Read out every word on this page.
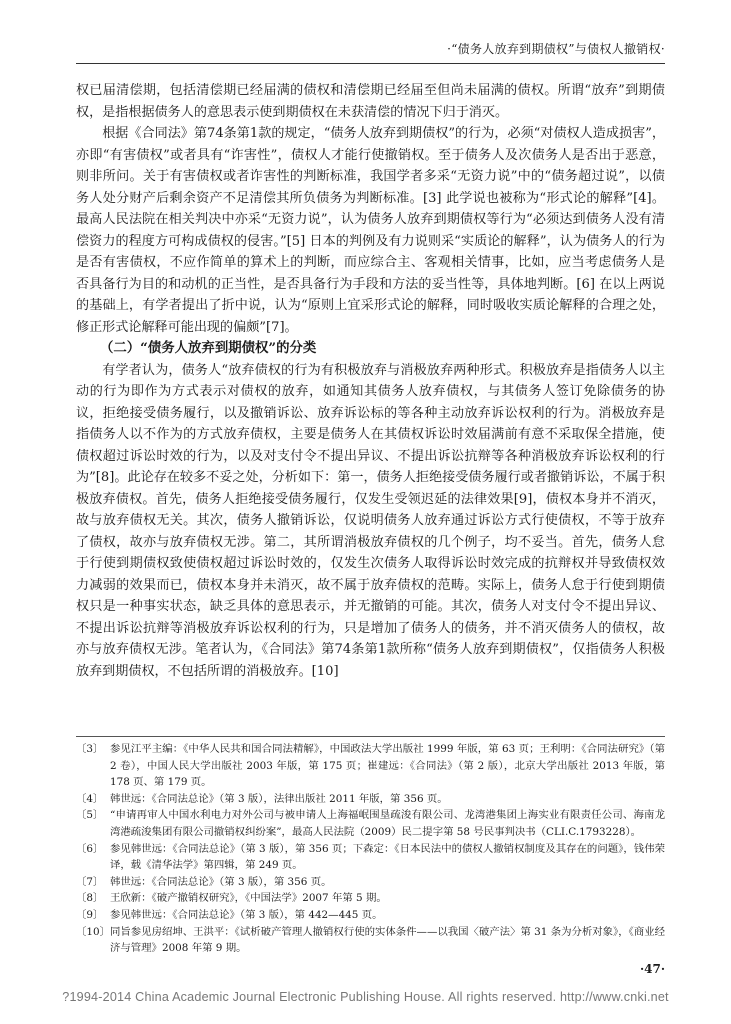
·“债务人放弃到期债权”与债权人撤销权·

权已届清偿期，包括清偿期已经届满的债权和清偿期已经届至但尚未届满的债权。所谓“放弃”到期债权，是指根据债务人的意思表示使到期债权在未获清偿的情况下归于消灭。

根据《合同法》第74条第1款的规定，“债务人放弃到期债权”的行为，必须“对债权人造成损害”，亦即“有害债权”或者具有“诈害性”，债权人才能行使撤销权。至于债务人及次债务人是否出于恶意，则非所问。关于有害债权或者诈害性的判断标准，我国学者多采“无资力说”中的“债务超过说”，以债务人处分财产后剩余资产不足清偿其所负债务为判断标准。[3] 此学说也被称为“形式论的解释”[4]。最高人民法院在相关判决中亦采“无资力说”，认为债务人放弃到期债权等行为“必须达到债务人没有清偿资力的程度方可构成债权的侵害。”[5] 日本的判例及有力说则采“实质论的解释”，认为债务人的行为是否有害债权，不应作简单的算术上的判断，而应综合主、客观相关情事，比如，应当考虑债务人是否具备行为目的和动机的正当性，是否具备行为手段和方法的妥当性等，具体地判断。[6] 在以上两说的基础上，有学者提出了折中说，认为“原则上宜采形式论的解释，同时吸收实质论解释的合理之处，修正形式论解释可能出现的偏颇”[7]。

（二）“债务人放弃到期债权”的分类

有学者认为，债务人“放弃债权的行为有积极放弃与消极放弃两种形式。积极放弃是指债务人以主动的行为即作为方式表示对债权的放弃，如通知其债务人放弃债权，与其债务人签订免除债务的协议，拒绝接受债务履行，以及撤销诉讼、放弃诉讼标的等各种主动放弃诉讼权利的行为。消极放弃是指债务人以不作为的方式放弃债权，主要是债务人在其债权诉讼时效届满前有意不采取保全措施，使债权超过诉讼时效的行为，以及对支付令不提出异议、不提出诉讼抗辩等各种消极放弃诉讼权利的行为”[8]。此论存在较多不妥之处，分析如下：第一，债务人拒绝接受债务履行或者撤销诉讼，不属于积极放弃债权。首先，债务人拒绝接受债务履行，仅发生受领迟延的法律效果[9]，债权本身并不消灭，故与放弃债权无关。其次，债务人撤销诉讼，仅说明债务人放弃通过诉讼方式行使债权，不等于放弃了债权，故亦与放弃债权无涉。第二，其所谓消极放弃债权的几个例子，均不妥当。首先，债务人怠于行使到期债权致使债权超过诉讼时效的，仅发生次债务人取得诉讼时效完成的抗辩权并导致债权效力减弱的效果而已，债权本身并未消灭，故不属于放弃债权的范畴。实际上，债务人怠于行使到期债权只是一种事实状态，缺乏具体的意思表示，并无撤销的可能。其次，债务人对支付令不提出异议、不提出诉讼抗辩等消极放弃诉讼权利的行为，只是增加了债务人的债务，并不消灭债务人的债权，故亦与放弃债权无涉。笔者认为，《合同法》第74条第1款所称“债务人放弃到期债权”，仅指债务人积极放弃到期债权，不包括所谓的消极放弃。[10]

〔3〕 参见江平主编：《中华人民共和国合同法精解》，中国政法大学出版社 1999 年版，第 63 页；王利明：《合同法研究》（第 2 卷），中国人民大学出版社 2003 年版，第 175 页；崔建远：《合同法》（第 2 版），北京大学出版社 2013 年版，第 178 页、第 179 页。
〔4〕 韩世远：《合同法总论》（第 3 版），法律出版社 2011 年版，第 356 页。
〔5〕 “申请再审人中国水利电力对外公司与被申请人上海福岷围垦疏浚有限公司、龙湾港集团上海实业有限责任公司、海南龙湾港疏浚集团有限公司撤销权纠纷案”，最高人民法院（2009）民二提字第 58 号民事判决书（CLI.C.1793228）。
〔6〕 参见韩世远：《合同法总论》（第 3 版），第 356 页；下森定：《日本民法中的债权人撤销权制度及其存在的问题》，钱伟荣译，载《清华法学》第四辑，第 249 页。
〔7〕 韩世远：《合同法总论》（第 3 版），第 356 页。
〔8〕 王欣新：《破产撤销权研究》，《中国法学》2007 年第 5 期。
〔9〕 参见韩世远：《合同法总论》（第 3 版），第 442—445 页。
〔10〕 同旨参见房绍坤、王洪平：《试析破产管理人撤销权行使的实体条件——以我国〈破产法〉第 31 条为分析对象》，《商业经济与管理》2008 年第 9 期。
·47·
?1994-2014 China Academic Journal Electronic Publishing House. All rights reserved. http://www.cnki.net
